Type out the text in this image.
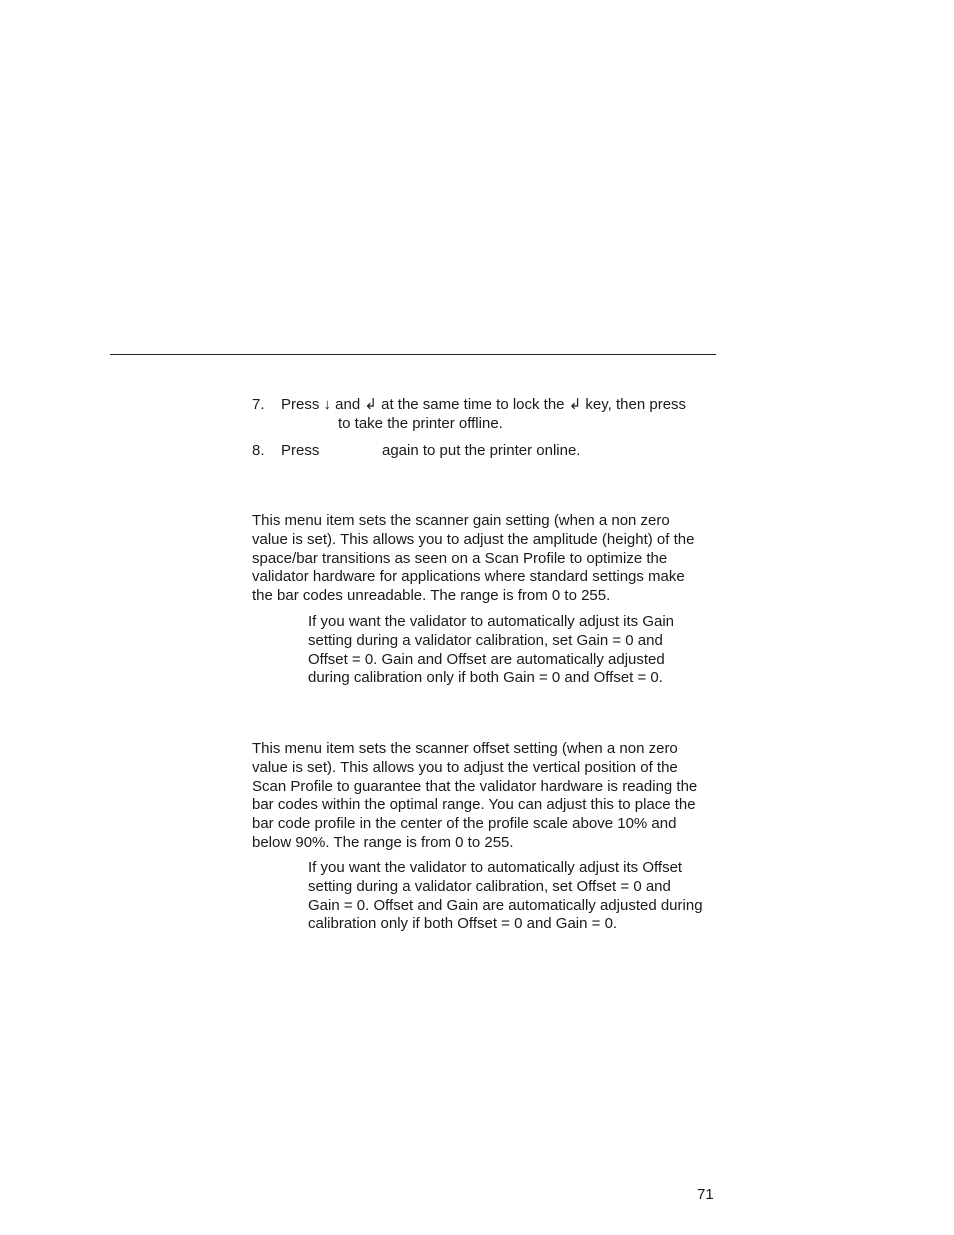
7. Press ↓ and ↲ at the same time to lock the ↲ key, then press
to take the printer offline.
8. Press	again to put the printer online.

This menu item sets the scanner gain setting (when a non zero

value is set). This allows you to adjust the amplitude (height) of the

space/bar transitions as seen on a Scan Profile to optimize the

validator hardware for applications where standard settings make

the bar codes unreadable. The range is from 0 to 255.

If you want the validator to automatically adjust its Gain

setting during a validator calibration, set Gain = 0 and

Offset = 0. Gain and Offset are automatically adjusted

during calibration only if both Gain = 0 and Offset = 0.

This menu item sets the scanner offset setting (when a non zero

value is set). This allows you to adjust the vertical position of the

Scan Profile to guarantee that the validator hardware is reading the

bar codes within the optimal range. You can adjust this to place the

bar code profile in the center of the profile scale above 10% and

below 90%. The range is from 0 to 255.

If you want the validator to automatically adjust its Offset

setting during a validator calibration, set Offset = 0 and

Gain = 0. Offset and Gain are automatically adjusted during

calibration only if both Offset = 0 and Gain = 0.

71
